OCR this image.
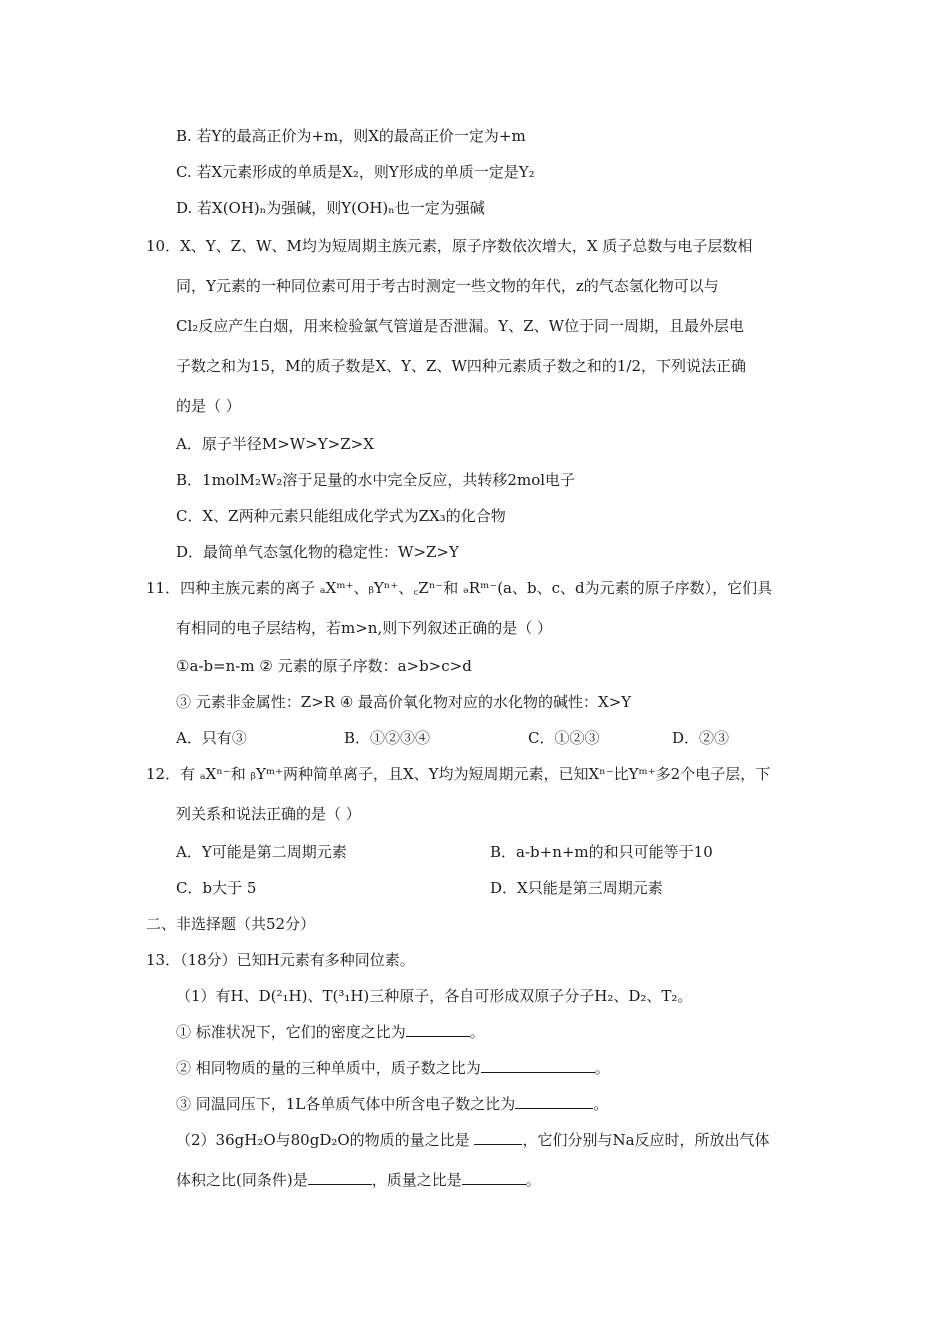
B. 若Y的最高正价为+m，则X的最高正价一定为+m
C. 若X元素形成的单质是X₂，则Y形成的单质一定是Y₂
D. 若X(OH)ₙ为强碱，则Y(OH)ₙ也一定为强碱
10．X、Y、Z、W、M均为短周期主族元素，原子序数依次增大，X 质子总数与电子层数相
同，Y元素的一种同位素可用于考古时测定一些文物的年代，z的气态氢化物可以与
Cl₂反应产生白烟，用来检验氯气管道是否泄漏。Y、Z、W位于同一周期，且最外层电
子数之和为15，M的质子数是X、Y、Z、W四种元素质子数之和的1/2，下列说法正确
的是（ ）
A．原子半径M>W>Y>Z>X
B．1molM₂W₂溶于足量的水中完全反应，共转移2mol电子
C．X、Z两种元素只能组成化学式为ZX₃的化合物
D．最简单气态氢化物的稳定性：W>Z>Y
11．四种主族元素的离子 ₐXᵐ⁺、ᵦYⁿ⁺、꜀Zⁿ⁻和 ₔRᵐ⁻(a、b、c、d为元素的原子序数），它们具
有相同的电子层结构，若m>n,则下列叙述正确的是（ ）
①a-b=n-m ② 元素的原子序数：a>b>c>d
③ 元素非金属性：Z>R ④ 最高价氧化物对应的水化物的碱性：X>Y
A．只有③	B．①②③④	C．①②③	D．②③
12．有 ₐXⁿ⁻和 ᵦYᵐ⁺两种简单离子，且X、Y均为短周期元素，已知Xⁿ⁻比Yᵐ⁺多2个电子层，下
列关系和说法正确的是（ ）
A．Y可能是第二周期元素	B．a-b+n+m的和只可能等于10
C．b大于 5	D．X只能是第三周期元素
二、非选择题（共52分）
13．（18分）已知H元素有多种同位素。
（1）有H、D(²₁H)、T(³₁H)三种原子，各自可形成双原子分子H₂、D₂、T₂。
① 标准状况下，它们的密度之比为	。
② 相同物质的量的三种单质中，质子数之比为	。
③ 同温同压下，1L各单质气体中所含电子数之比为	。
（2）36gH₂O与80gD₂O的物质的量之比是	，它们分别与Na反应时，所放出气体
体积之比(同条件)是	，质量之比是	。
